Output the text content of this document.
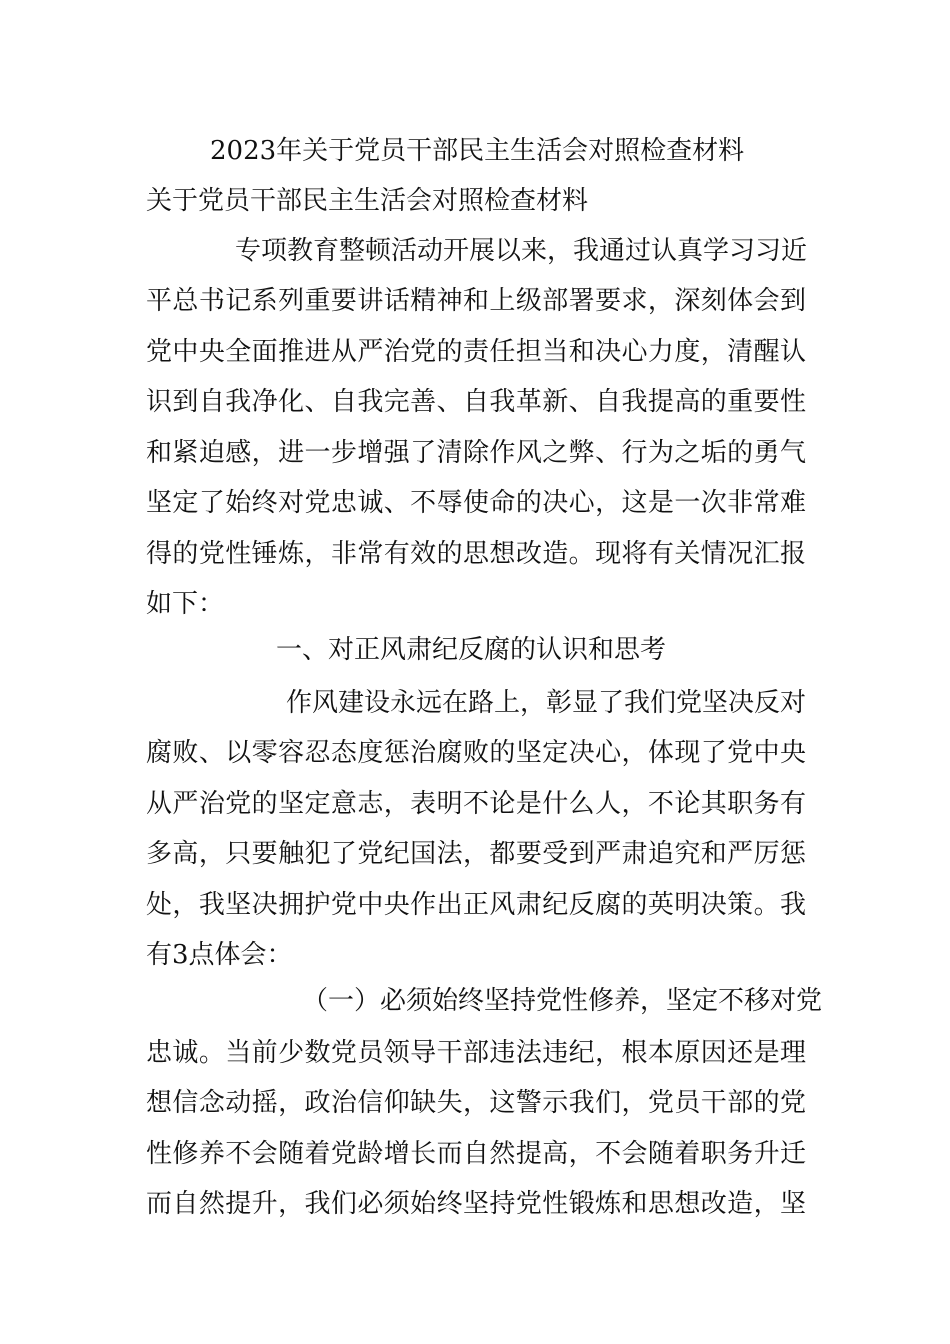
2023年关于党员干部民主生活会对照检查材料
关于党员干部民主生活会对照检查材料
专项教育整顿活动开展以来，我通过认真学习习近
平总书记系列重要讲话精神和上级部署要求，深刻体会到
党中央全面推进从严治党的责任担当和决心力度，清醒认
识到自我净化、自我完善、自我革新、自我提高的重要性
和紧迫感，进一步增强了清除作风之弊、行为之垢的勇气
坚定了始终对党忠诚、不辱使命的决心，这是一次非常难
得的党性锤炼，非常有效的思想改造。现将有关情况汇报
如下：
一、对正风肃纪反腐的认识和思考
作风建设永远在路上，彰显了我们党坚决反对
腐败、以零容忍态度惩治腐败的坚定决心，体现了党中央
从严治党的坚定意志，表明不论是什么人，不论其职务有
多高，只要触犯了党纪国法，都要受到严肃追究和严厉惩
处，我坚决拥护党中央作出正风肃纪反腐的英明决策。我
有3点体会：
（一）必须始终坚持党性修养，坚定不移对党
忠诚。当前少数党员领导干部违法违纪，根本原因还是理
想信念动摇，政治信仰缺失，这警示我们，党员干部的党
性修养不会随着党龄增长而自然提高，不会随着职务升迁
而自然提升，我们必须始终坚持党性锻炼和思想改造，坚
